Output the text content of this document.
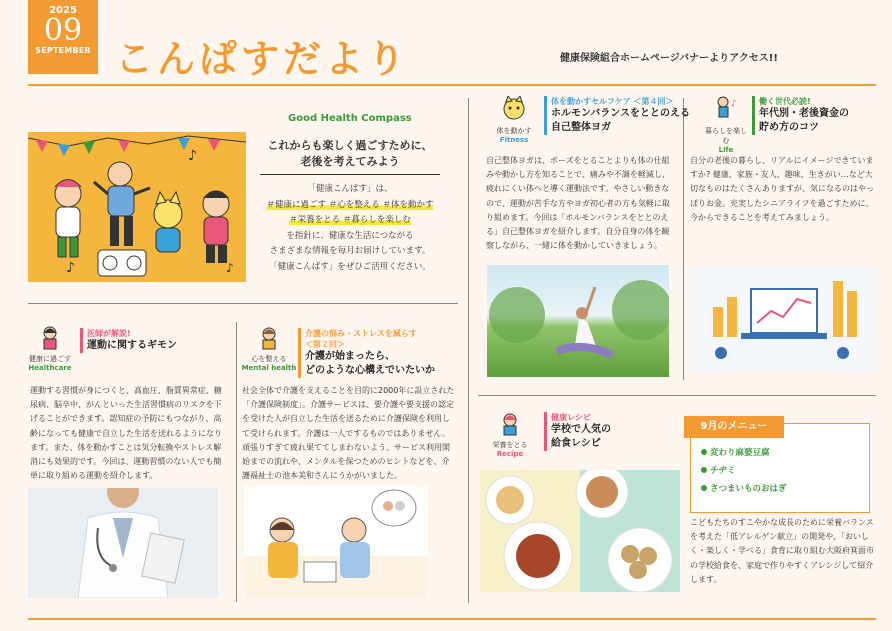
2025
09
SEPTEMBER こんぱすだより	健康保険組合ホームページバナーよりアクセス!!
Good Health Compass
♪
♪	♪
これからも楽しく過ごすために、
老後を考えてみよう
「健康こんぱす」は、
＃健康に過ごす ＃心を整える ＃体を動かす
＃栄養をとる ＃暮らしを楽しむ
を指針に、健康な生活につながる
さまざまな情報を毎月お届けしています。
「健康こんぱす」をぜひご活用ください。
体を動かす
Fitness
体を動かすセルフケア ＜第４回＞
ホルモンバランスをととのえる
自己整体ヨガ
自己整体ヨガは、ポーズをとることよりも体の仕組みや動かし方を知ることで、痛みや不調を軽減し、疲れにくい体へと導く運動法です。やさしい動きなので、運動が苦手な方やヨガ初心者の方も気軽に取り組めます。今回は「ホルモンバランスをととのえる」自己整体ヨガを紹介します。自分自身の体を観察しながら、一緒に体を動かしていきましょう。
♪
暮らしを楽しむ
Life
働く世代必読!
年代別・老後資金の
貯め方のコツ
自分の老後の暮らし、リアルにイメージできていますか? 健康、家族・友人、趣味、生きがい…など大切なものはたくさんありますが、気になるのはやっぱりお金。充実したシニアライフを過ごすために、今からできることを考えてみましょう。
健康に過ごす
Healthcare
医師が解説!
運動に関するギモン
運動する習慣が身につくと、高血圧、脂質異常症、糖尿病、脳卒中、がんといった生活習慣病のリスクを下げることができます。認知症の予防にもつながり、高齢になっても健康で自立した生活を送れるようになります。また、体を動かすことは気分転換やストレス解消にも効果的です。今回は、運動習慣のない人でも簡単に取り組める運動を紹介します。
心を整える
Mental health
介護の悩み・ストレスを減らす
＜第２回＞
介護が始まったら、
どのような心構えでいたいか
社会全体で介護を支えることを目的に2000年に設立された「介護保険制度」。介護サービスは、要介護や要支援の認定を受けた人が自立した生活を送るために介護保険を利用して受けられます。介護は一人でするものではありません。頑張りすぎて疲れ果ててしまわないよう、サービス利用開始までの流れや、メンタルを保つためのヒントなどを、介護福祉士の池本美和さんにうかがいました。
栄養をとる
Recipe
健康レシピ
学校で人気の
給食レシピ
変わり麻婆豆腐
チヂミ
さつまいものおはぎ
9月のメニュー
こどもたちのすこやかな成長のために栄養バランスを考えた「低アレルゲン献立」の開発や、「おいしく・楽しく・学べる」食育に取り組む大阪府箕面市の学校給食を、家庭で作りやすくアレンジして紹介します。
